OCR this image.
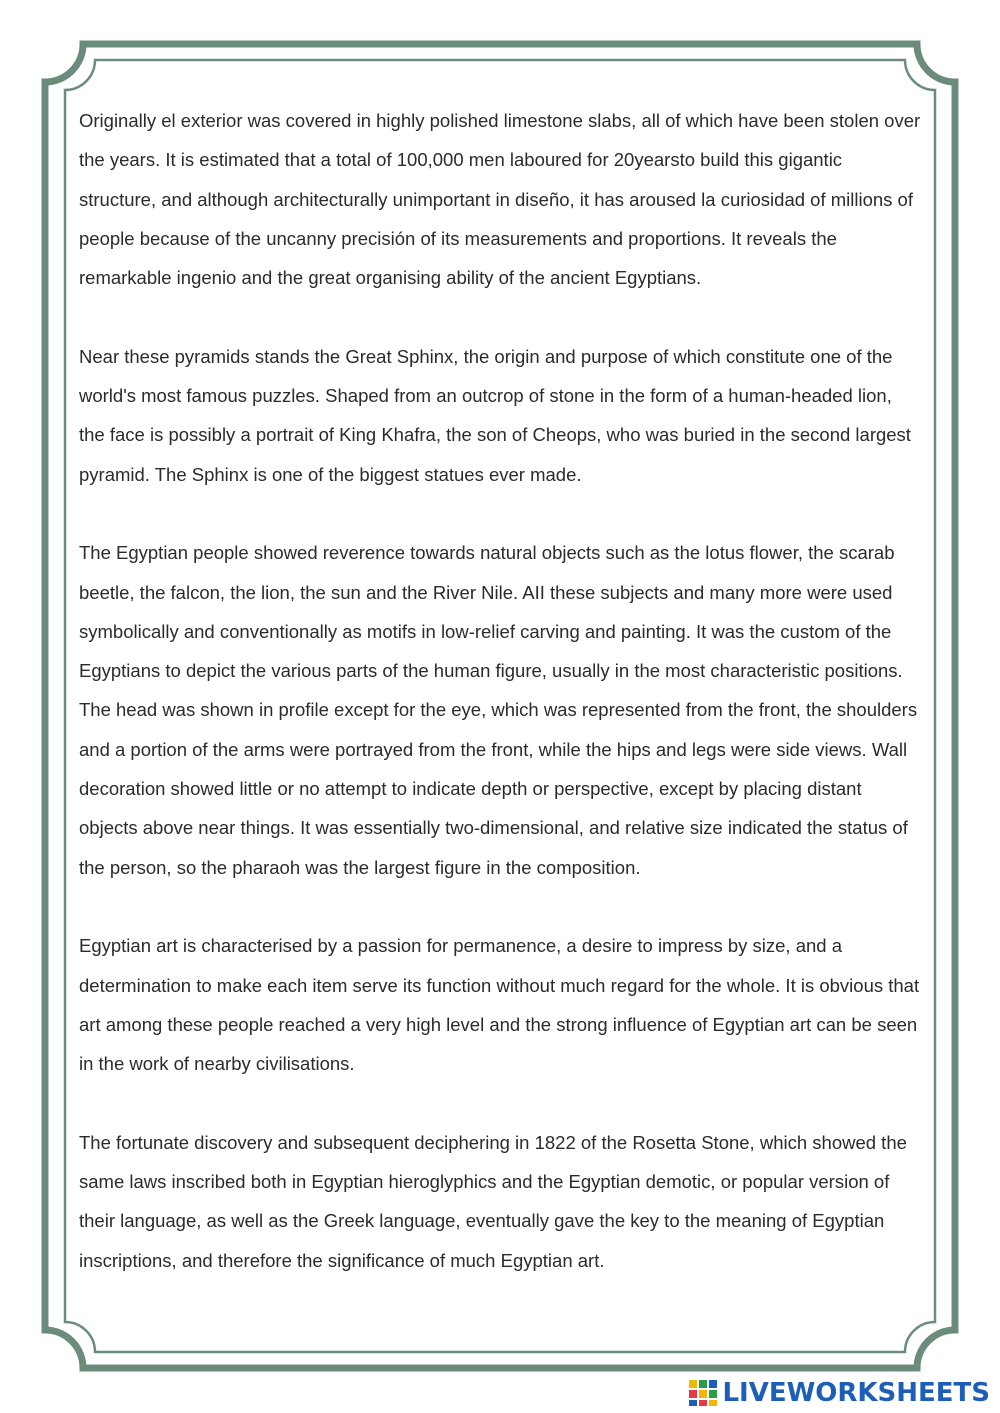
Originally el exterior was covered in highly polished limestone slabs, all of which have been stolen over the years. It is estimated that a total of 100,000 men laboured for 20yearsto build this gigantic structure, and although architecturally unimportant in diseño, it has aroused la curiosidad of millions of people because of the uncanny precisión of its measurements and proportions. It reveals the remarkable ingenio and the great organising ability of the ancient Egyptians.

Near these pyramids stands the Great Sphinx, the origin and purpose of which constitute one of the world's most famous puzzles. Shaped from an outcrop of stone in the form of a human-headed lion, the face is possibly a portrait of King Khafra, the son of Cheops, who was buried in the second largest pyramid. The Sphinx is one of the biggest statues ever made.

The Egyptian people showed reverence towards natural objects such as the lotus flower, the scarab beetle, the falcon, the lion, the sun and the River Nile. AII these subjects and many more were used symbolically and conventionally as motifs in low-relief carving and painting. It was the custom of the Egyptians to depict the various parts of the human figure, usually in the most characteristic positions. The head was shown in profile except for the eye, which was represented from the front, the shoulders and a portion of the arms were portrayed from the front, while the hips and legs were side views. Wall decoration showed little or no attempt to indicate depth or perspective, except by placing distant objects above near things. It was essentially two-dimensional, and relative size indicated the status of the person, so the pharaoh was the largest figure in the composition.

Egyptian art is characterised by a passion for permanence, a desire to impress by size, and a determination to make each item serve its function without much regard for the whole. It is obvious that art among these people reached a very high level and the strong influence of Egyptian art can be seen in the work of nearby civilisations.

The fortunate discovery and subsequent deciphering in 1822 of the Rosetta Stone, which showed the same laws inscribed both in Egyptian hieroglyphics and the Egyptian demotic, or popular version of their language, as well as the Greek language, eventually gave the key to the meaning of Egyptian inscriptions, and therefore the significance of much Egyptian art.

LIVEWORKSHEETS
